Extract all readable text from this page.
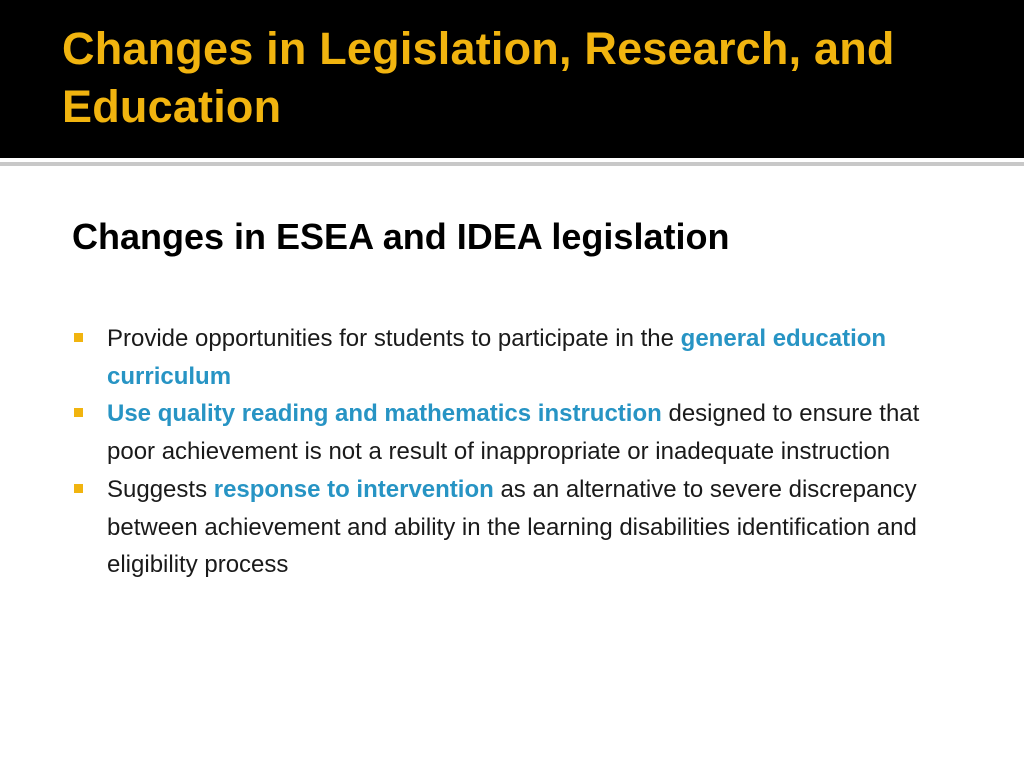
Changes in Legislation, Research, and Education
Changes in ESEA and IDEA legislation
Provide opportunities for students to participate in the general education curriculum
Use quality reading and mathematics instruction designed to ensure that poor achievement is not a result of inappropriate or inadequate instruction
Suggests response to intervention as an alternative to severe discrepancy between achievement and ability in the learning disabilities identification and eligibility process
